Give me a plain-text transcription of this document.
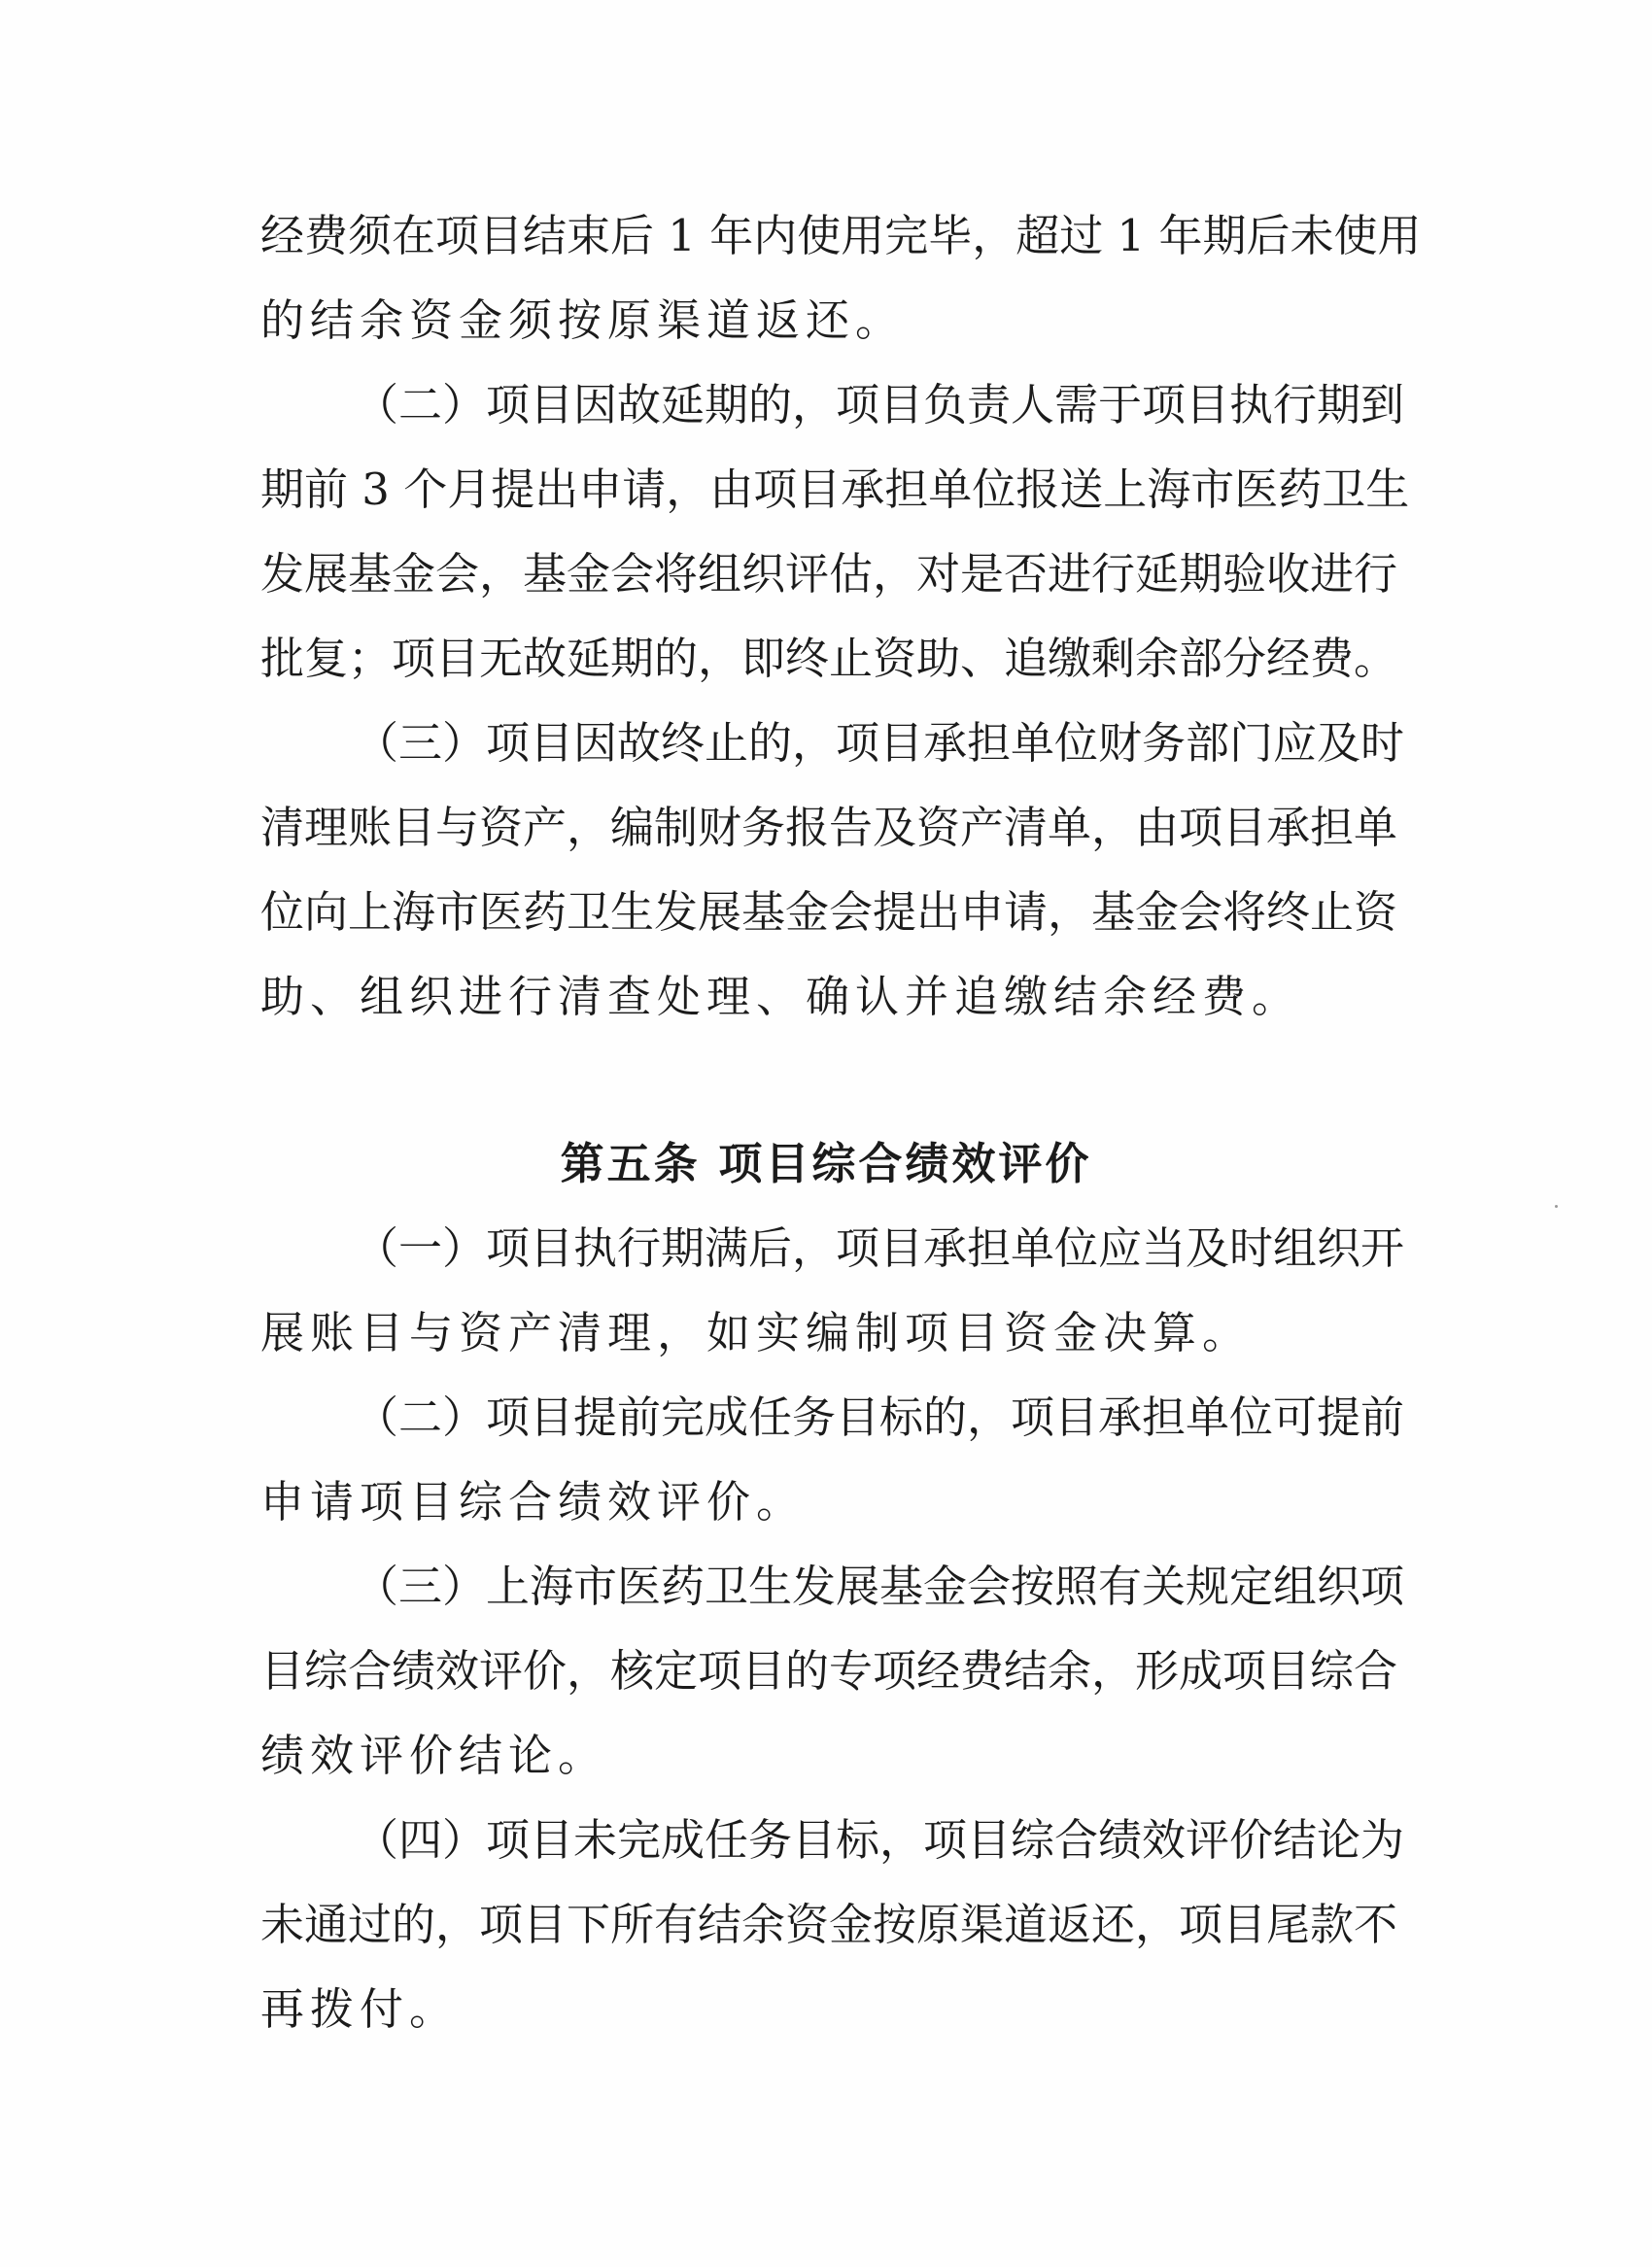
经费须在项目结束后 1 年内使用完毕，超过 1 年期后未使用

的结余资金须按原渠道返还。

（二）项目因故延期的，项目负责人需于项目执行期到

期前 3 个月提出申请，由项目承担单位报送上海市医药卫生

发展基金会，基金会将组织评估，对是否进行延期验收进行

批复；项目无故延期的，即终止资助、追缴剩余部分经费。

（三）项目因故终止的，项目承担单位财务部门应及时

清理账目与资产，编制财务报告及资产清单，由项目承担单

位向上海市医药卫生发展基金会提出申请，基金会将终止资

助、组织进行清查处理、确认并追缴结余经费。

第五条 项目综合绩效评价

（一）项目执行期满后，项目承担单位应当及时组织开

展账目与资产清理，如实编制项目资金决算。

（二）项目提前完成任务目标的，项目承担单位可提前

申请项目综合绩效评价。

（三）上海市医药卫生发展基金会按照有关规定组织项

目综合绩效评价，核定项目的专项经费结余，形成项目综合

绩效评价结论。

（四）项目未完成任务目标，项目综合绩效评价结论为

未通过的，项目下所有结余资金按原渠道返还，项目尾款不

再拨付。
